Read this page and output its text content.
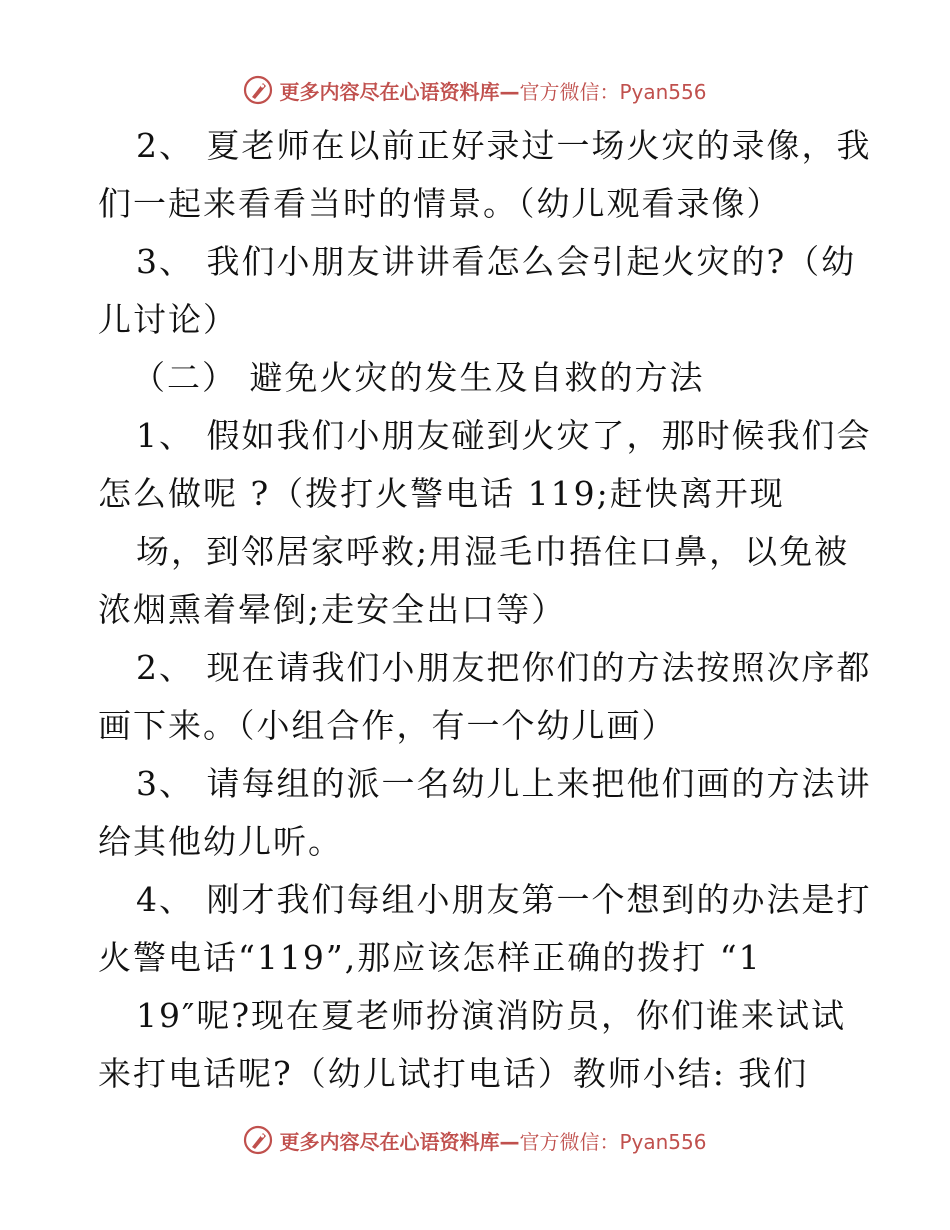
更多内容尽在心语资料库—官方微信：Pyan556
2、 夏老师在以前正好录过一场火灾的录像，我
们一起来看看当时的情景。（幼儿观看录像）
3、 我们小朋友讲讲看怎么会引起火灾的?（幼
儿讨论）
（二） 避免火灾的发生及自救的方法
1、 假如我们小朋友碰到火灾了，那时候我们会
怎么做呢 ?（拨打火警电话 119;赶快离开现
场，到邻居家呼救;用湿毛巾捂住口鼻，以免被
浓烟熏着晕倒;走安全出口等）
2、 现在请我们小朋友把你们的方法按照次序都
画下来。（小组合作，有一个幼儿画）
3、 请每组的派一名幼儿上来把他们画的方法讲
给其他幼儿听。
4、 刚才我们每组小朋友第一个想到的办法是打
火警电话“119”,那应该怎样正确的拨打 “1
19″呢?现在夏老师扮演消防员，你们谁来试试
来打电话呢?（幼儿试打电话）教师小结: 我们
更多内容尽在心语资料库—官方微信：Pyan556
